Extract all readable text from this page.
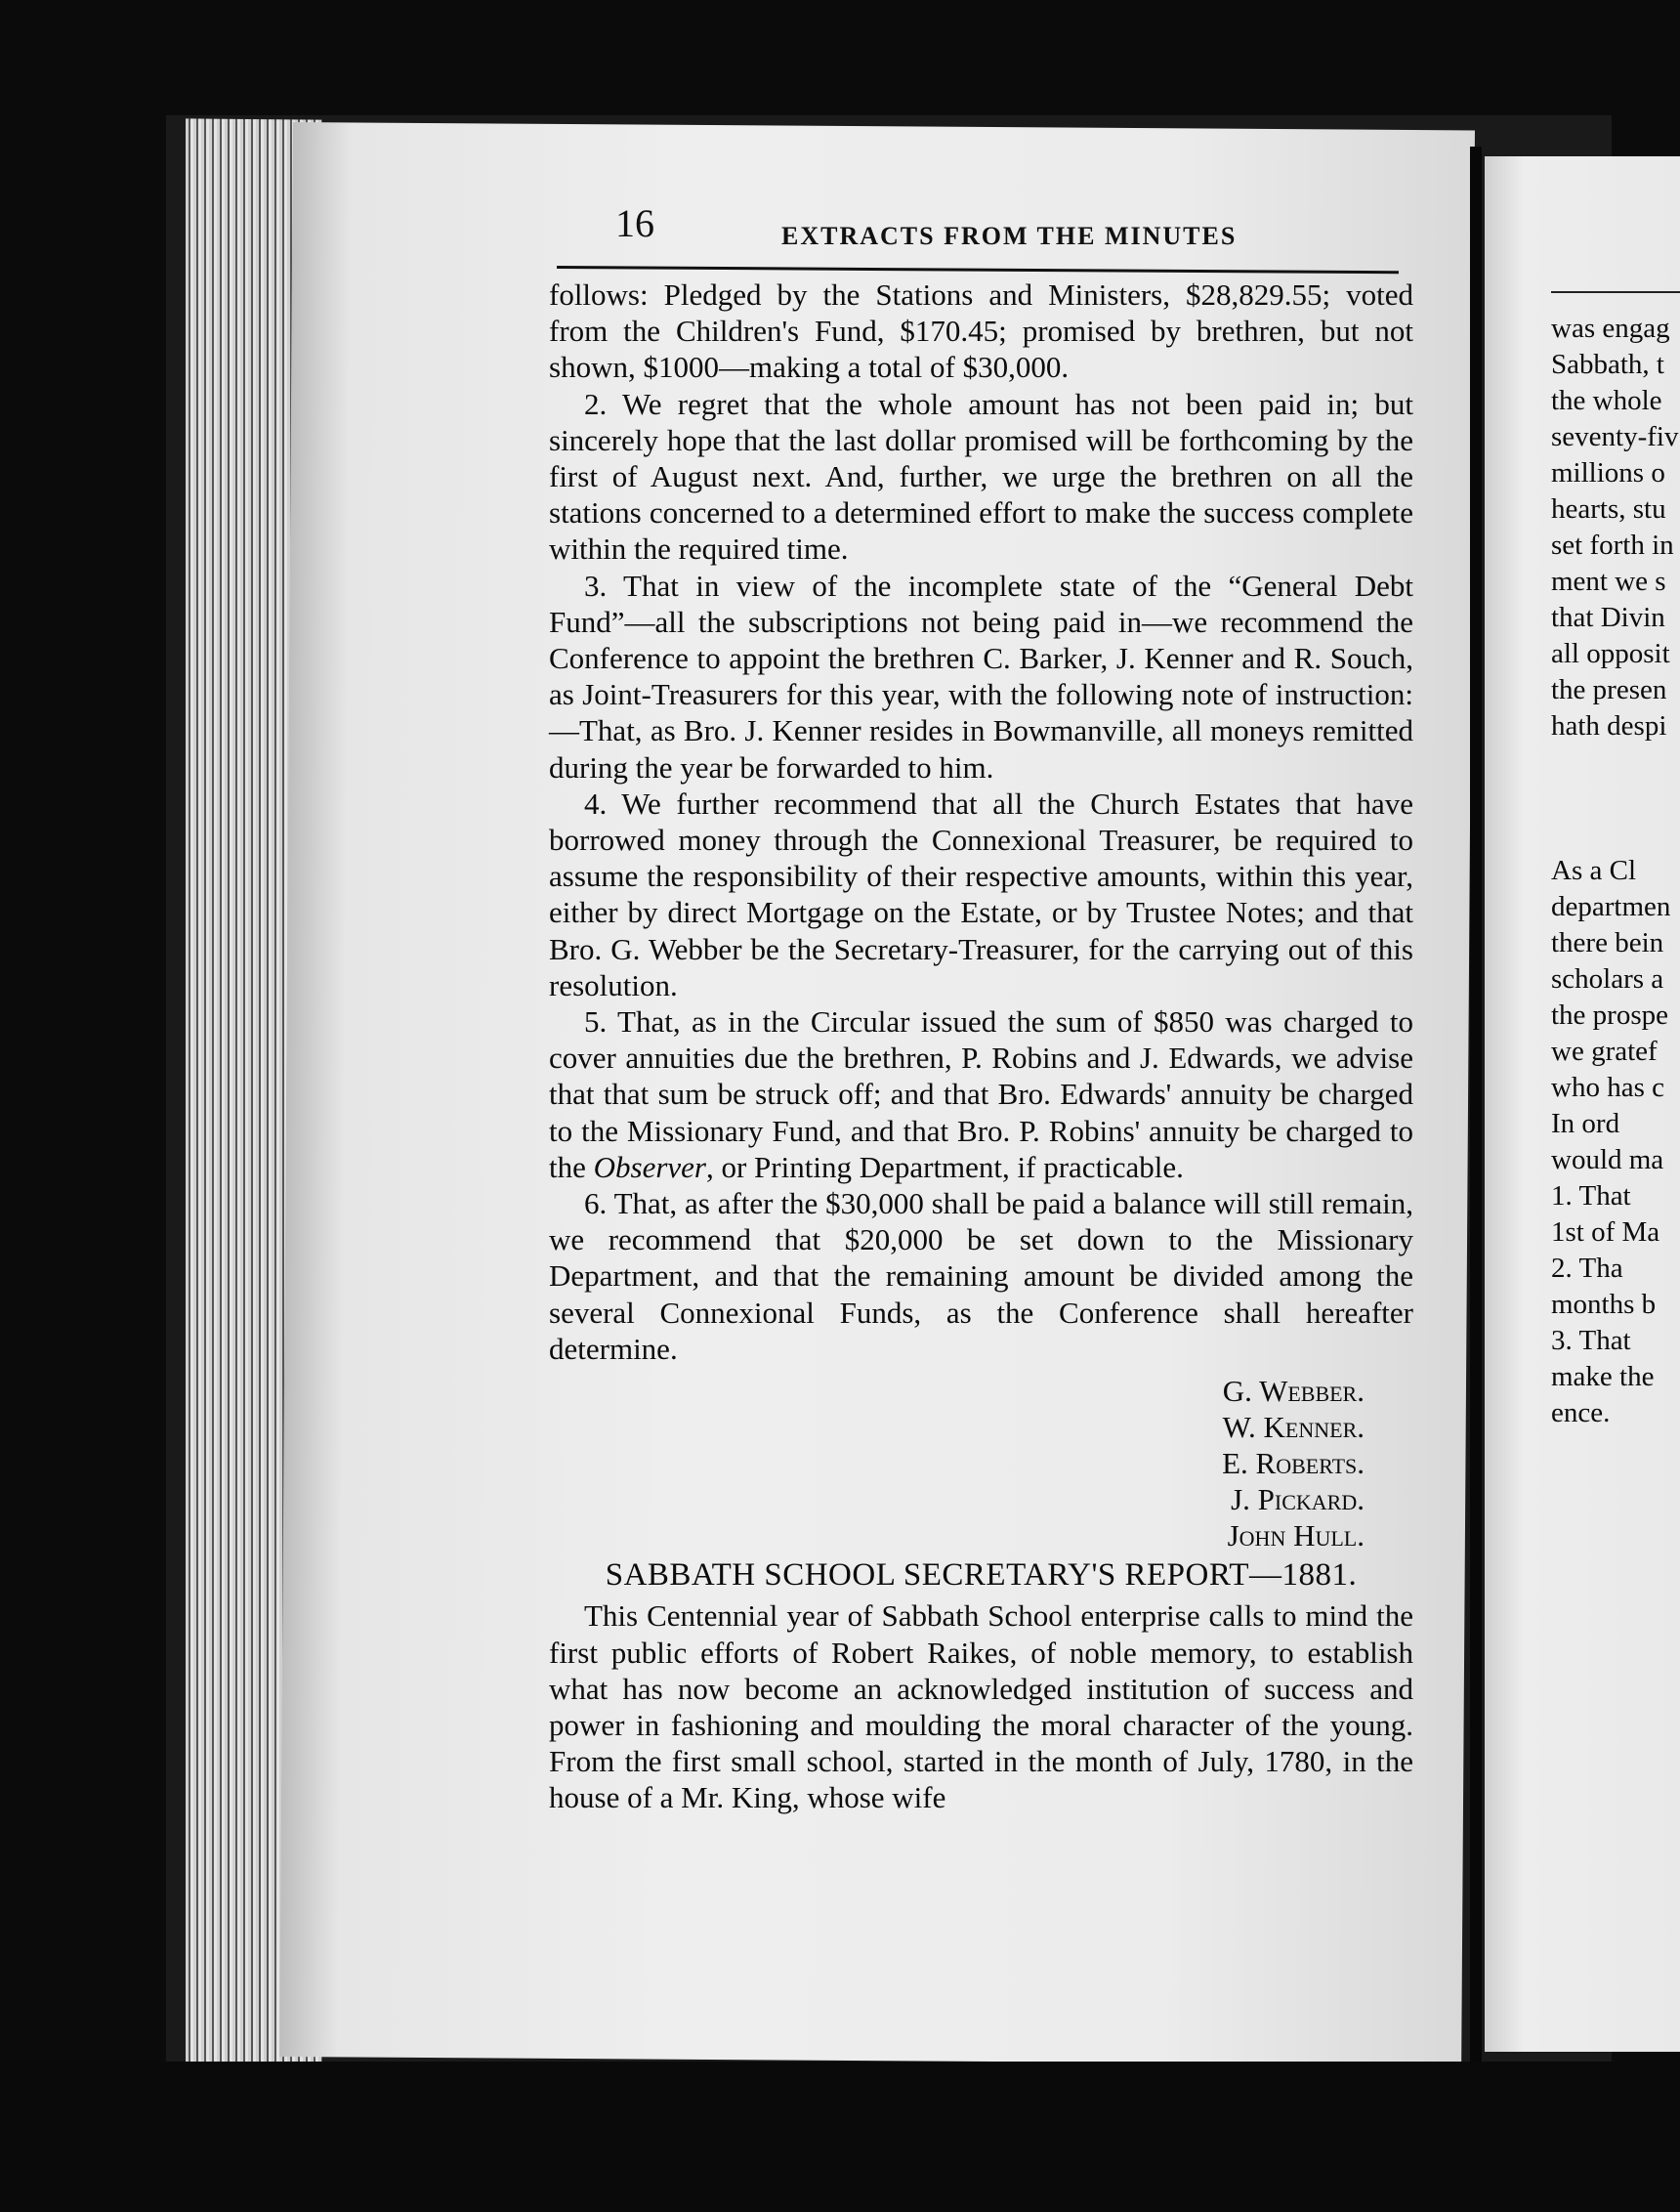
16	EXTRACTS FROM THE MINUTES

follows: Pledged by the Stations and Ministers, $28,829.55; voted from the Children's Fund, $170.45; promised by brethren, but not shown, $1000—making a total of $30,000.

2. We regret that the whole amount has not been paid in; but sincerely hope that the last dollar promised will be forthcoming by the first of August next. And, further, we urge the brethren on all the stations concerned to a determined effort to make the success complete within the required time.

3. That in view of the incomplete state of the “General Debt Fund”—all the subscriptions not being paid in—we recommend the Conference to appoint the brethren C. Barker, J. Kenner and R. Souch, as Joint-Treasurers for this year, with the following note of instruction:—That, as Bro. J. Kenner resides in Bowmanville, all moneys remitted during the year be forwarded to him.

4. We further recommend that all the Church Estates that have borrowed money through the Connexional Treasurer, be required to assume the responsibility of their respective amounts, within this year, either by direct Mortgage on the Estate, or by Trustee Notes; and that Bro. G. Webber be the Secretary-Treasurer, for the carrying out of this resolution.

5. That, as in the Circular issued the sum of $850 was charged to cover annuities due the brethren, P. Robins and J. Edwards, we advise that that sum be struck off; and that Bro. Edwards' annuity be charged to the Missionary Fund, and that Bro. P. Robins' annuity be charged to the Observer, or Printing Department, if practicable.

6. That, as after the $30,000 shall be paid a balance will still remain, we recommend that $20,000 be set down to the Missionary Department, and that the remaining amount be divided among the several Connexional Funds, as the Conference shall hereafter determine.

G. Webber.
W. Kenner.
E. Roberts.
J. Pickard.
John Hull.
SABBATH SCHOOL SECRETARY'S REPORT—1881.

This Centennial year of Sabbath School enterprise calls to mind the first public efforts of Robert Raikes, of noble memory, to establish what has now become an acknowledged institution of success and power in fashioning and moulding the moral character of the young. From the first small school, started in the month of July, 1780, in the house of a Mr. King, whose wife

was engag
Sabbath, t
the whole
seventy-fiv
millions o
hearts, stu
set forth in
ment we s
that Divin
all opposit
the presen
hath despi
As a Cl
departmen
there bein
scholars a
the prospe
we gratef
who has c
In ord
would ma
1. That
1st of Ma
2. Tha
months b
3. That
make the
ence.
